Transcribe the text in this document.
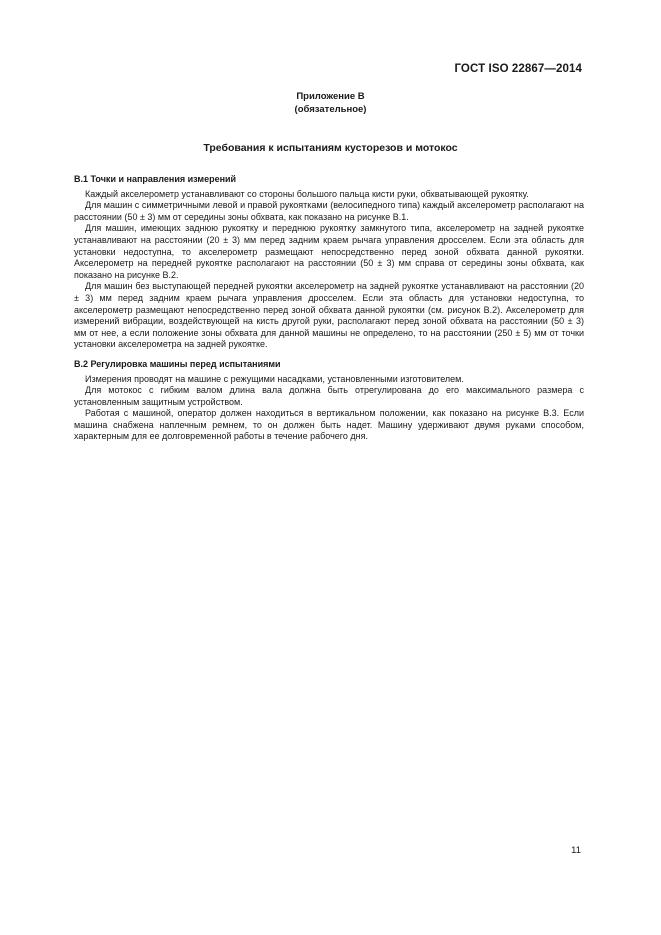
ГОСТ ISO 22867—2014
Приложение B
(обязательное)
Требования к испытаниям кусторезов и мотокос

B.1 Точки и направления измерений

Каждый акселерометр устанавливают со стороны большого пальца кисти руки, обхватывающей рукоятку.

Для машин с симметричными левой и правой рукоятками (велосипедного типа) каждый акселерометр располагают на расстоянии (50 ± 3) мм от середины зоны обхвата, как показано на рисунке B.1.

Для машин, имеющих заднюю рукоятку и переднюю рукоятку замкнутого типа, акселерометр на задней рукоятке устанавливают на расстоянии (20 ± 3) мм перед задним краем рычага управления дросселем. Если эта область для установки недоступна, то акселерометр размещают непосредственно перед зоной обхвата данной рукоятки. Акселерометр на передней рукоятке располагают на расстоянии (50 ± 3) мм справа от середины зоны обхвата, как показано на рисунке B.2.

Для машин без выступающей передней рукоятки акселерометр на задней рукоятке устанавливают на расстоянии (20 ± 3) мм перед задним краем рычага управления дросселем. Если эта область для установки недоступна, то акселерометр размещают непосредственно перед зоной обхвата данной рукоятки (см. рисунок B.2). Акселерометр для измерений вибрации, воздействующей на кисть другой руки, располагают перед зоной обхвата на расстоянии (50 ± 3) мм от нее, а если положение зоны обхвата для данной машины не определено, то на расстоянии (250 ± 5) мм от точки установки акселерометра на задней рукоятке.

B.2 Регулировка машины перед испытаниями

Измерения проводят на машине с режущими насадками, установленными изготовителем.

Для мотокос с гибким валом длина вала должна быть отрегулирована до его максимального размера с установленным защитным устройством.

Работая с машиной, оператор должен находиться в вертикальном положении, как показано на рисунке B.3. Если машина снабжена наплечным ремнем, то он должен быть надет. Машину удерживают двумя руками способом, характерным для ее долговременной работы в течение рабочего дня.

11
